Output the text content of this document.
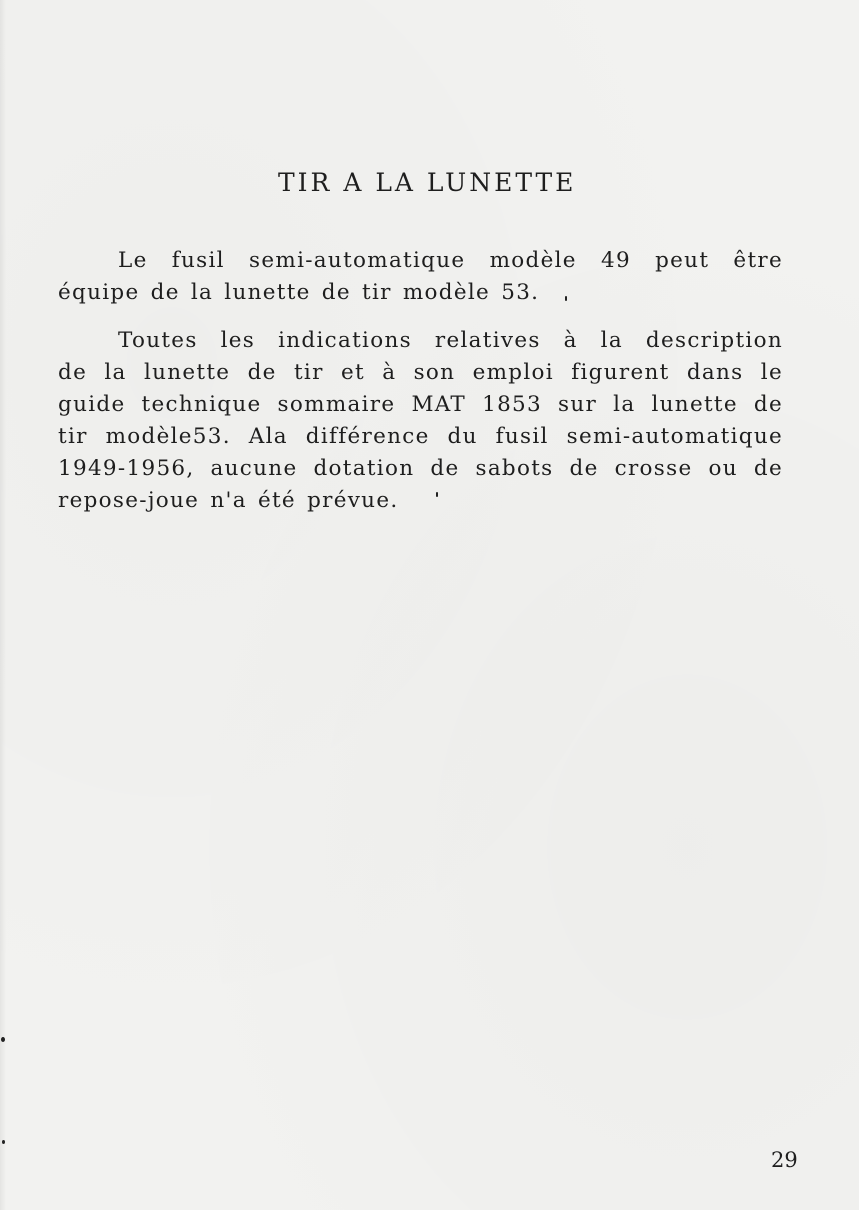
TIR A LA LUNETTE
Le fusil semi-automatique modèle 49 peut être
équipe de la lunette de tir modèle 53.
Toutes les indications relatives à la description
de la lunette de tir et à son emploi figurent dans le
guide technique sommaire MAT 1853 sur la lunette de
tir modèle53. Ala différence du fusil semi-automatique
1949-1956, aucune dotation de sabots de crosse ou de
repose-joue n'a été prévue.
29
